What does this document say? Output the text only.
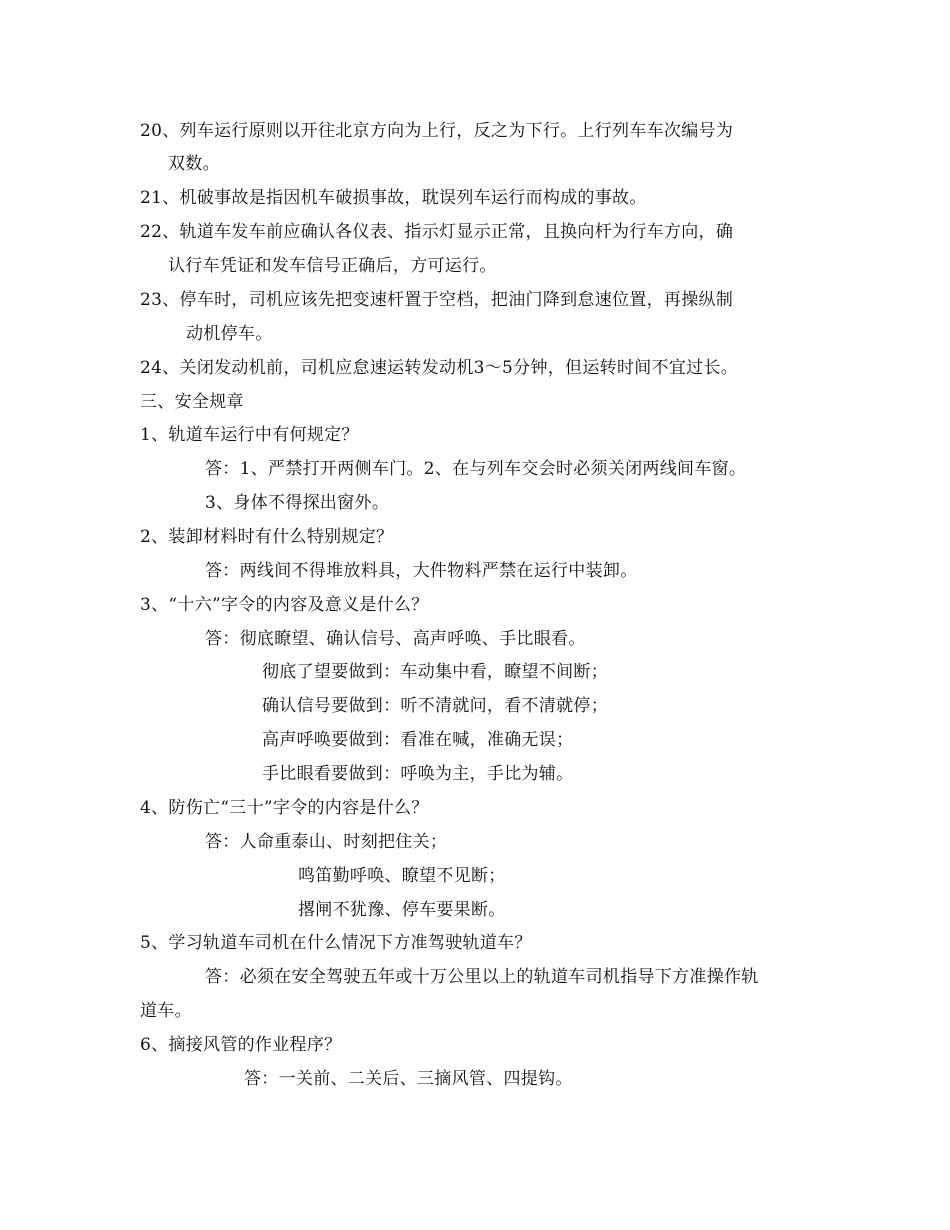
20、列车运行原则以开往北京方向为上行，反之为下行。上行列车车次编号为
双数。
21、机破事故是指因机车破损事故，耽误列车运行而构成的事故。
22、轨道车发车前应确认各仪表、指示灯显示正常，且换向杆为行车方向，确
认行车凭证和发车信号正确后，方可运行。
23、停车时，司机应该先把变速杆置于空档，把油门降到怠速位置，再操纵制
动机停车。
24、关闭发动机前，司机应怠速运转发动机3～5分钟，但运转时间不宜过长。
三、安全规章
1、轨道车运行中有何规定？
答：1、严禁打开两侧车门。2、在与列车交会时必须关闭两线间车窗。
3、身体不得探出窗外。
2、装卸材料时有什么特别规定？
答：两线间不得堆放料具，大件物料严禁在运行中装卸。
3、“十六”字令的内容及意义是什么？
答：彻底瞭望、确认信号、高声呼唤、手比眼看。
彻底了望要做到：车动集中看，瞭望不间断；
确认信号要做到：听不清就问，看不清就停；
高声呼唤要做到：看准在喊，准确无误；
手比眼看要做到：呼唤为主，手比为辅。
4、防伤亡“三十”字令的内容是什么？
答：人命重泰山、时刻把住关；
鸣笛勤呼唤、瞭望不见断；
撂闸不犹豫、停车要果断。
5、学习轨道车司机在什么情况下方准驾驶轨道车？
答：必须在安全驾驶五年或十万公里以上的轨道车司机指导下方准操作轨
道车。
6、摘接风管的作业程序？
答：一关前、二关后、三摘风管、四提钩。
